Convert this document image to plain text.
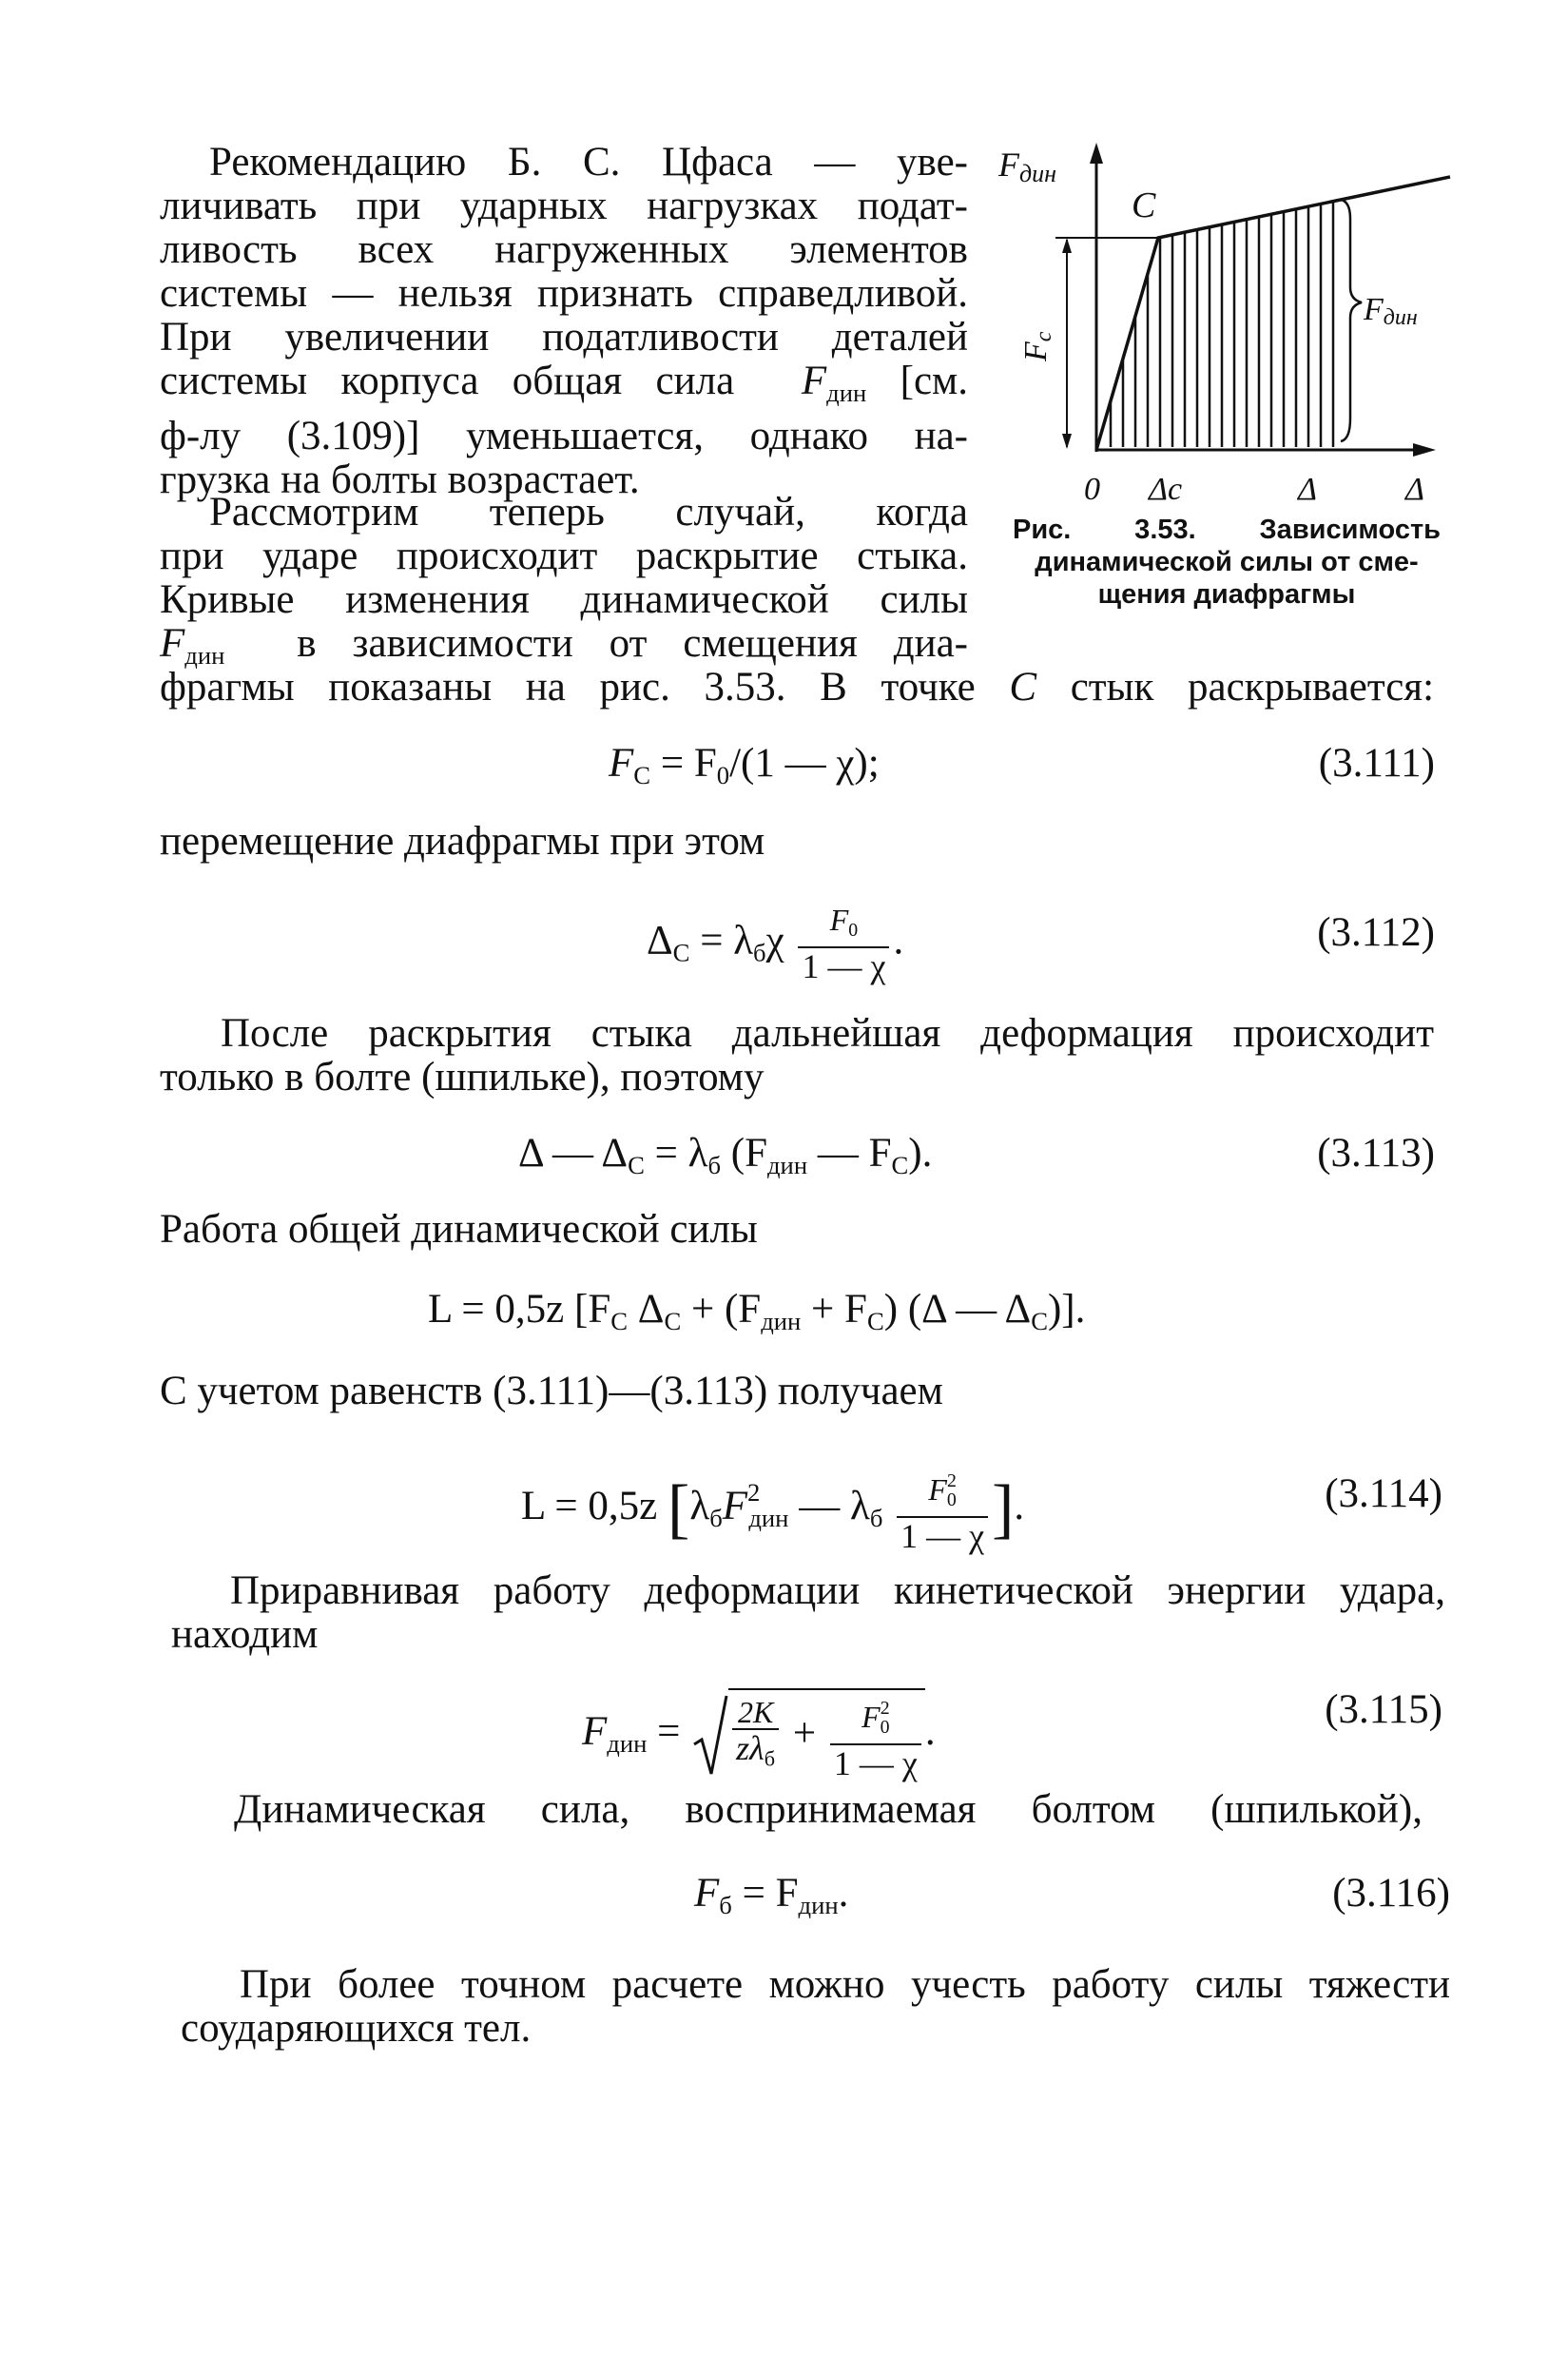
Рекомендацию Б. С. Цфаса — уве-
личивать при ударных нагрузках подат-
ливость всех нагруженных элементов
системы — нельзя признать справедливой.
При увеличении податливости деталей
системы корпуса общая сила $F_{дин}$ [см.
ф-лу (3.109)] уменьшается, однако на-
грузка на болты возрастает.
Рассмотрим теперь случай, когда
при ударе происходит раскрытие стыка.
Кривые изменения динамической силы
$F_{дин}$ в зависимости от смещения диа-
фрагмы показаны на рис. 3.53. В точке C стык раскрывается:
Fдин
C
Fc
Fдин
0 Δc	Δ	Δ
Рис. 3.53. Зависимость
динамической силы от сме-
щения диафрагмы
$F_C = F_0/(1$ — χ);	(3.111)
перемещение диафрагмы при этом
$\Delta_C = \lambda_б\chi \frac{F_0}{1 — \chi}$ .	(3.112)
После раскрытия стыка дальнейшая деформация происходит
только в болте (шпильке), поэтому
Δ — $\Delta_C = \lambda_б$ ($F_{дин}$ — $F_C$).	(3.113)
Работа общей динамической силы
L = 0,5z [$F_C$ $\Delta_C + (F_{дин} + F_C)$ (Δ — $\Delta_C$)].
С учетом равенств (3.111)—(3.113) получаем
L = 0,5z [$\lambda_бF^2_{дин}$ — $\lambda_б \frac{F^2_0}{1 — \chi}$ ].	(3.114)
Приравнивая работу деформации кинетической энергии удара,
находим
$F_{дин} = \frac{2K}{z\lambda_б} + \frac{F^2_0}{1 — \chi}$ .	(3.115)
Динамическая сила, воспринимаемая болтом (шпилькой),
$F_б = F_{дин}$.	(3.116)
При более точном расчете можно учесть работу силы тяжести
соударяющихся тел.
